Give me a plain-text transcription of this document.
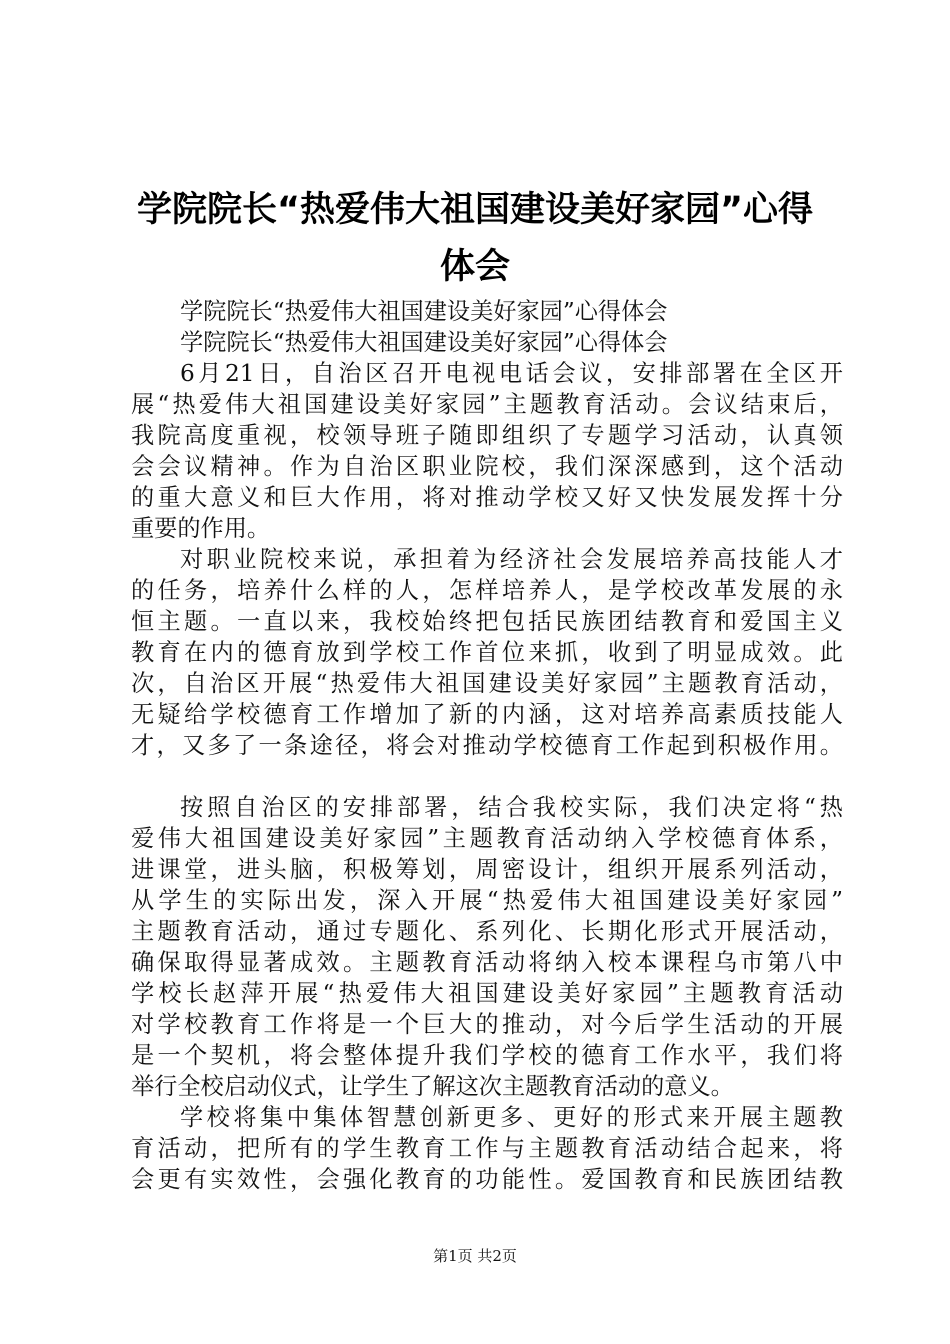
学院院长“热爱伟大祖国建设美好家园”心得
体会
学院院长“热爱伟大祖国建设美好家园”心得体会
学院院长“热爱伟大祖国建设美好家园”心得体会
6月21日，自治区召开电视电话会议，安排部署在全区开
展“热爱伟大祖国建设美好家园”主题教育活动。会议结束后，
我院高度重视，校领导班子随即组织了专题学习活动，认真领
会会议精神。作为自治区职业院校，我们深深感到，这个活动
的重大意义和巨大作用，将对推动学校又好又快发展发挥十分
重要的作用。
对职业院校来说，承担着为经济社会发展培养高技能人才
的任务，培养什么样的人，怎样培养人，是学校改革发展的永
恒主题。一直以来，我校始终把包括民族团结教育和爱国主义
教育在内的德育放到学校工作首位来抓，收到了明显成效。此
次，自治区开展“热爱伟大祖国建设美好家园”主题教育活动，
无疑给学校德育工作增加了新的内涵，这对培养高素质技能人
才，又多了一条途径，将会对推动学校德育工作起到积极作用。
按照自治区的安排部署，结合我校实际，我们决定将“热
爱伟大祖国建设美好家园”主题教育活动纳入学校德育体系，
进课堂，进头脑，积极筹划，周密设计，组织开展系列活动，
从学生的实际出发，深入开展“热爱伟大祖国建设美好家园”
主题教育活动，通过专题化、系列化、长期化形式开展活动，
确保取得显著成效。主题教育活动将纳入校本课程乌市第八中
学校长赵萍开展“热爱伟大祖国建设美好家园”主题教育活动
对学校教育工作将是一个巨大的推动，对今后学生活动的开展
是一个契机，将会整体提升我们学校的德育工作水平，我们将
举行全校启动仪式，让学生了解这次主题教育活动的意义。
学校将集中集体智慧创新更多、更好的形式来开展主题教
育活动，把所有的学生教育工作与主题教育活动结合起来，将
会更有实效性，会强化教育的功能性。爱国教育和民族团结教
第1页 共2页
